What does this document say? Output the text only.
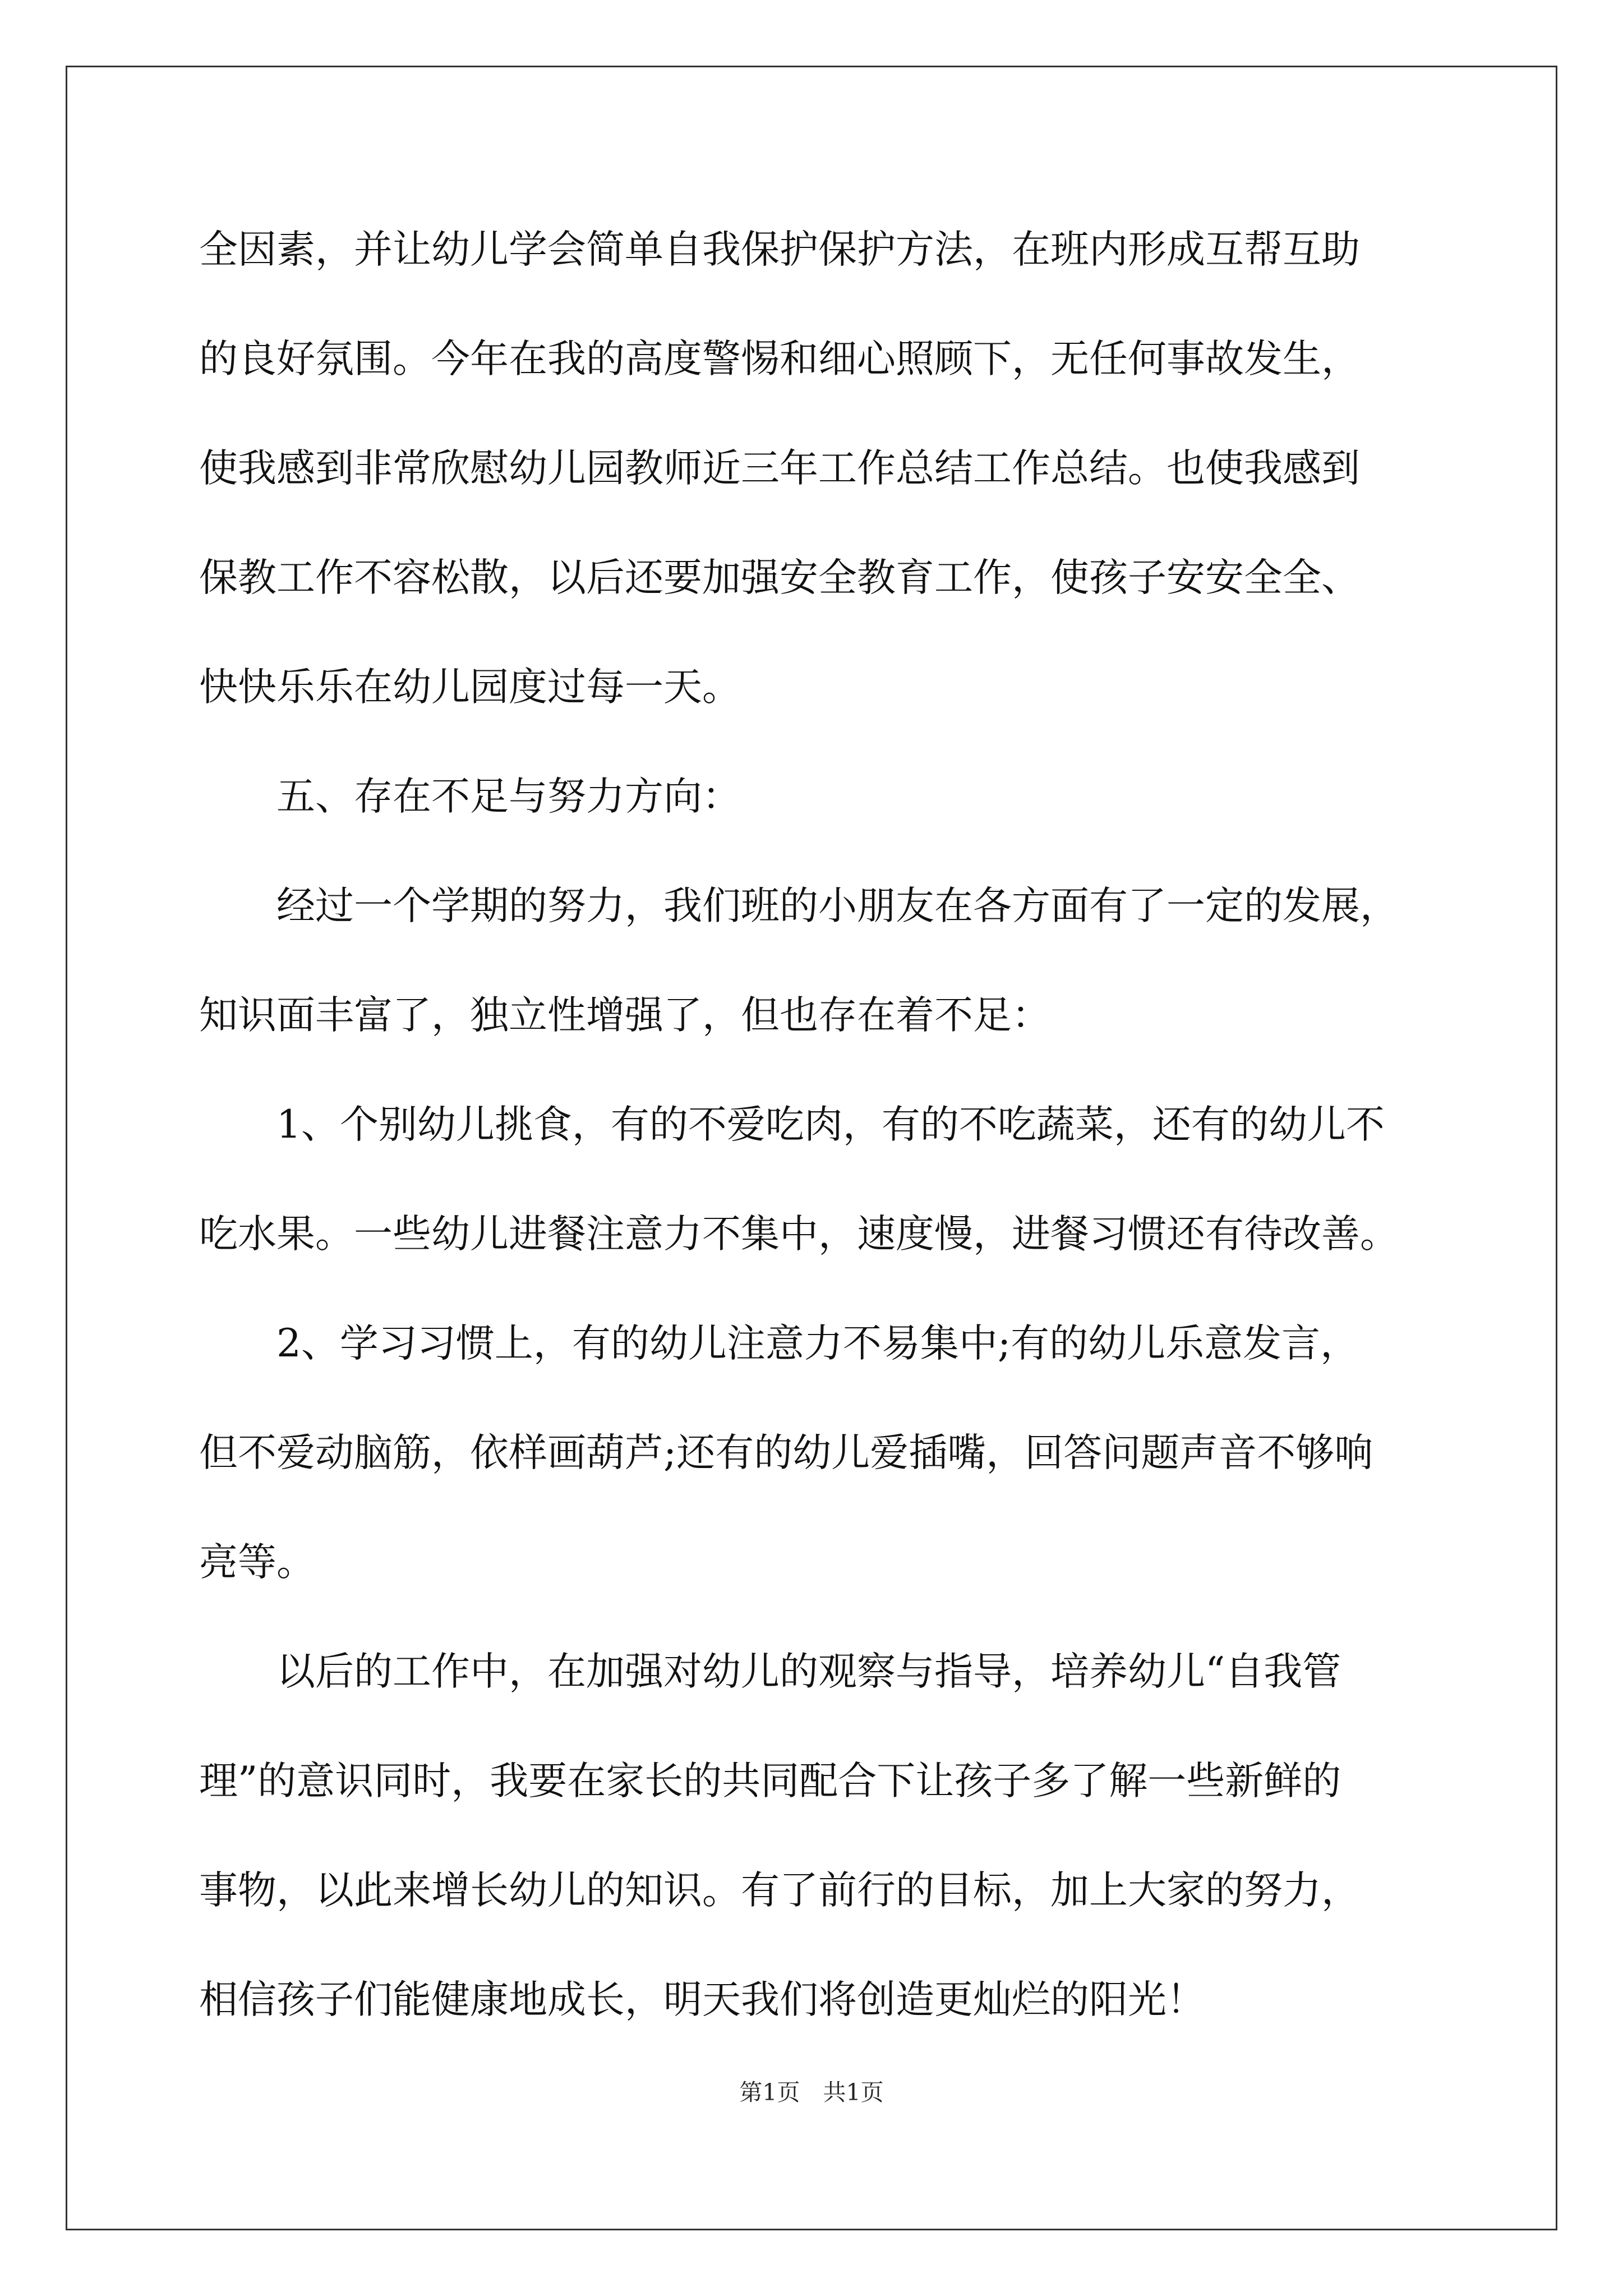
全因素，并让幼儿学会简单自我保护保护方法，在班内形成互帮互助

的良好氛围。今年在我的高度警惕和细心照顾下，无任何事故发生，

使我感到非常欣慰幼儿园教师近三年工作总结工作总结。也使我感到

保教工作不容松散，以后还要加强安全教育工作，使孩子安安全全、

快快乐乐在幼儿园度过每一天。

　　五、存在不足与努力方向：

　　经过一个学期的努力，我们班的小朋友在各方面有了一定的发展，

知识面丰富了，独立性增强了，但也存在着不足：

　　1、个别幼儿挑食，有的不爱吃肉，有的不吃蔬菜，还有的幼儿不

吃水果。一些幼儿进餐注意力不集中，速度慢，进餐习惯还有待改善。

　　2、学习习惯上，有的幼儿注意力不易集中;有的幼儿乐意发言，

但不爱动脑筋，依样画葫芦;还有的幼儿爱插嘴，回答问题声音不够响

亮等。

　　以后的工作中，在加强对幼儿的观察与指导，培养幼儿“自我管

理”的意识同时，我要在家长的共同配合下让孩子多了解一些新鲜的

事物，以此来增长幼儿的知识。有了前行的目标，加上大家的努力，

相信孩子们能健康地成长，明天我们将创造更灿烂的阳光！

第1页　共1页
